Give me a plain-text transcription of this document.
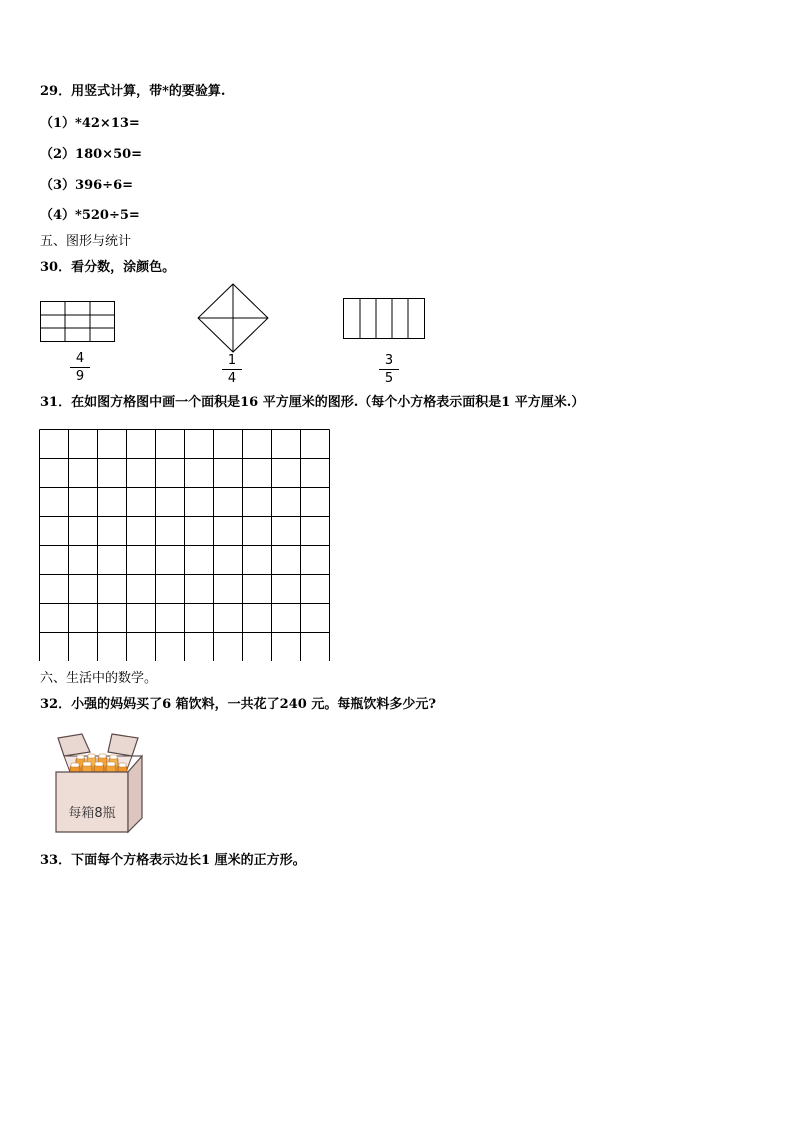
29．用竖式计算，带*的要验算.
（1）*42×13=
（2）180×50=
（3）396÷6=
（4）*520÷5=
五、图形与统计
30．看分数，涂颜色。
4
9
1
4
3
5
31．在如图方格图中画一个面积是16 平方厘米的图形.（每个小方格表示面积是1 平方厘米.）
六、生活中的数学。
32．小强的妈妈买了6 箱饮料，一共花了240 元。每瓶饮料多少元?
每箱8瓶
33．下面每个方格表示边长1 厘米的正方形。
